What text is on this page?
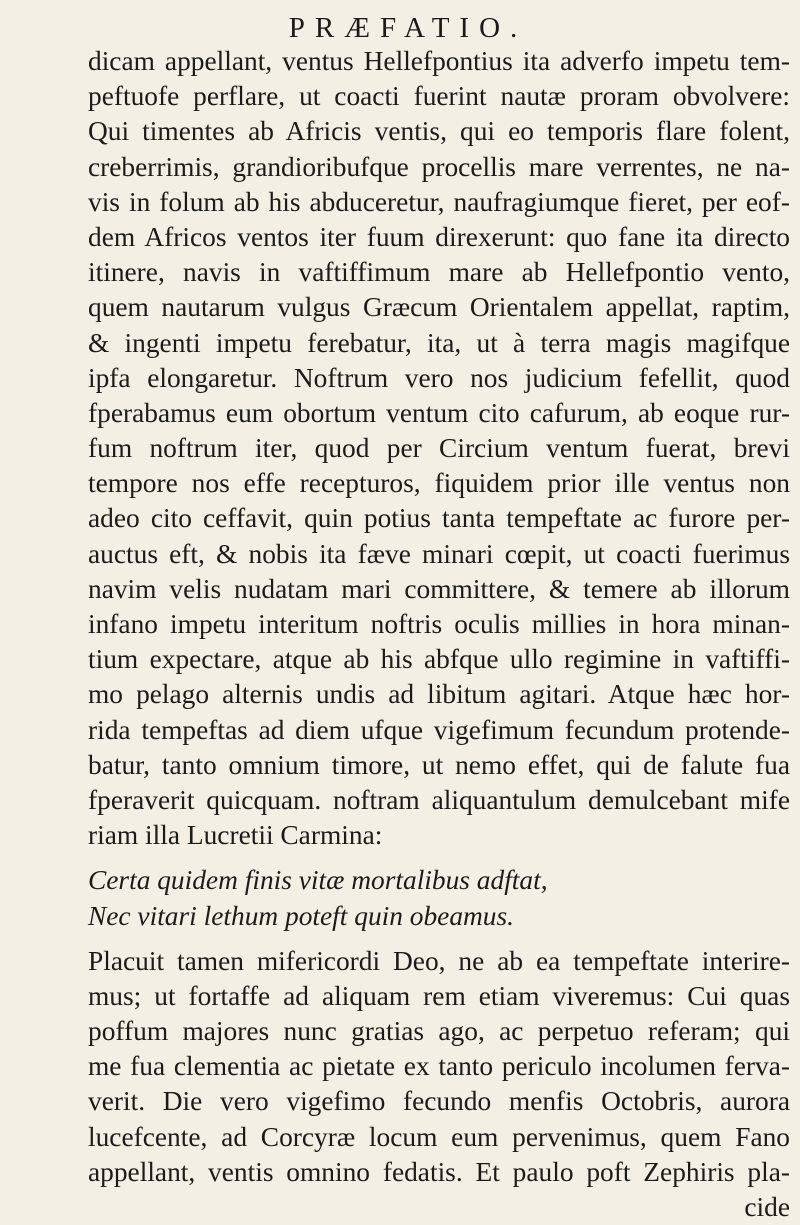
PRÆFATIO.
dicam appellant, ventus Hellefpontius ita adverfo impetu tem-
peftuofe perflare, ut coacti fuerint nautæ proram obvolvere:
Qui timentes ab Africis ventis, qui eo temporis flare folent,
creberrimis, grandioribufque procellis mare verrentes, ne na-
vis in folum ab his abduceretur, naufragiumque fieret, per eof-
dem Africos ventos iter fuum direxerunt: quo fane ita directo
itinere, navis in vaftiffimum mare ab Hellefpontio vento,
quem nautarum vulgus Græcum Orientalem appellat, raptim,
& ingenti impetu ferebatur, ita, ut à terra magis magifque
ipfa elongaretur. Noftrum vero nos judicium fefellit, quod
fperabamus eum obortum ventum cito cafurum, ab eoque rur-
fum noftrum iter, quod per Circium ventum fuerat, brevi
tempore nos effe recepturos, fiquidem prior ille ventus non
adeo cito ceffavit, quin potius tanta tempeftate ac furore per-
auctus eft, & nobis ita fæve minari cœpit, ut coacti fuerimus
navim velis nudatam mari committere, & temere ab illorum
infano impetu interitum noftris oculis millies in hora minan-
tium expectare, atque ab his abfque ullo regimine in vaftiffi-
mo pelago alternis undis ad libitum agitari. Atque hæc hor-
rida tempeftas ad diem ufque vigefimum fecundum protende-
batur, tanto omnium timore, ut nemo effet, qui de falute fua
fperaverit quicquam. noftram aliquantulum demulcebant mife
riam illa Lucretii Carmina:
Certa quidem finis vitæ mortalibus adftat,
Nec vitari lethum poteft quin obeamus.
Placuit tamen mifericordi Deo, ne ab ea tempeftate interire-
mus; ut fortaffe ad aliquam rem etiam viveremus: Cui quas
poffum majores nunc gratias ago, ac perpetuo referam; qui
me fua clementia ac pietate ex tanto periculo incolumen ferva-
verit. Die vero vigefimo fecundo menfis Octobris, aurora
lucefcente, ad Corcyræ locum eum pervenimus, quem Fano
appellant, ventis omnino fedatis. Et paulo poft Zephiris pla-
cide
